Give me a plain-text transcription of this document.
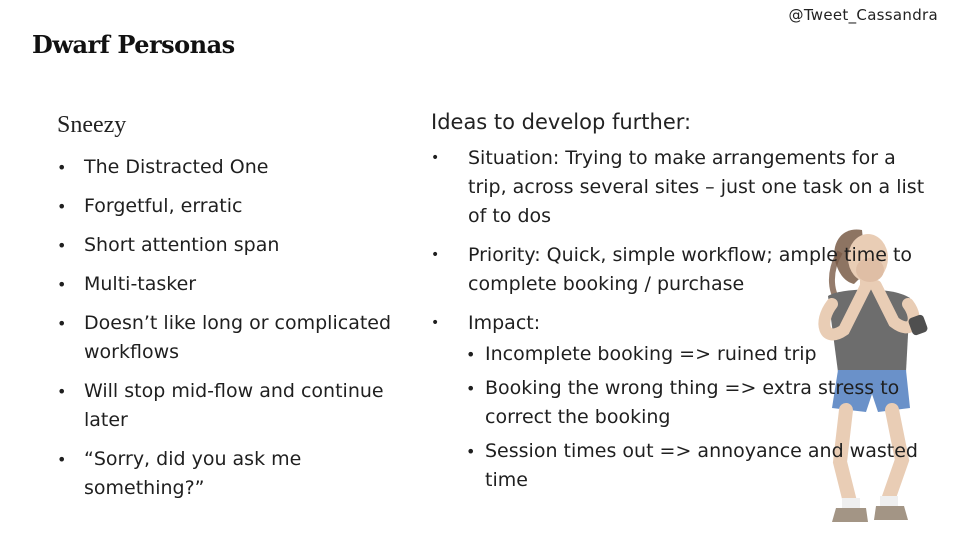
@Tweet_Cassandra
Dwarf Personas
Sneezy
• The Distracted One
• Forgetful, erratic
• Short attention span
• Multi-tasker
• Doesn’t like long or complicated workflows
• Will stop mid-flow and continue later
• “Sorry, did you ask me something?”
Ideas to develop further:
• Situation: Trying to make arrangements for a trip, across several sites – just one task on a list of to dos
• Priority: Quick, simple workflow; ample time to complete booking / purchase
• Impact:
• Incomplete booking => ruined trip
• Booking the wrong thing => extra stress to correct the booking
• Session times out => annoyance and wasted time
